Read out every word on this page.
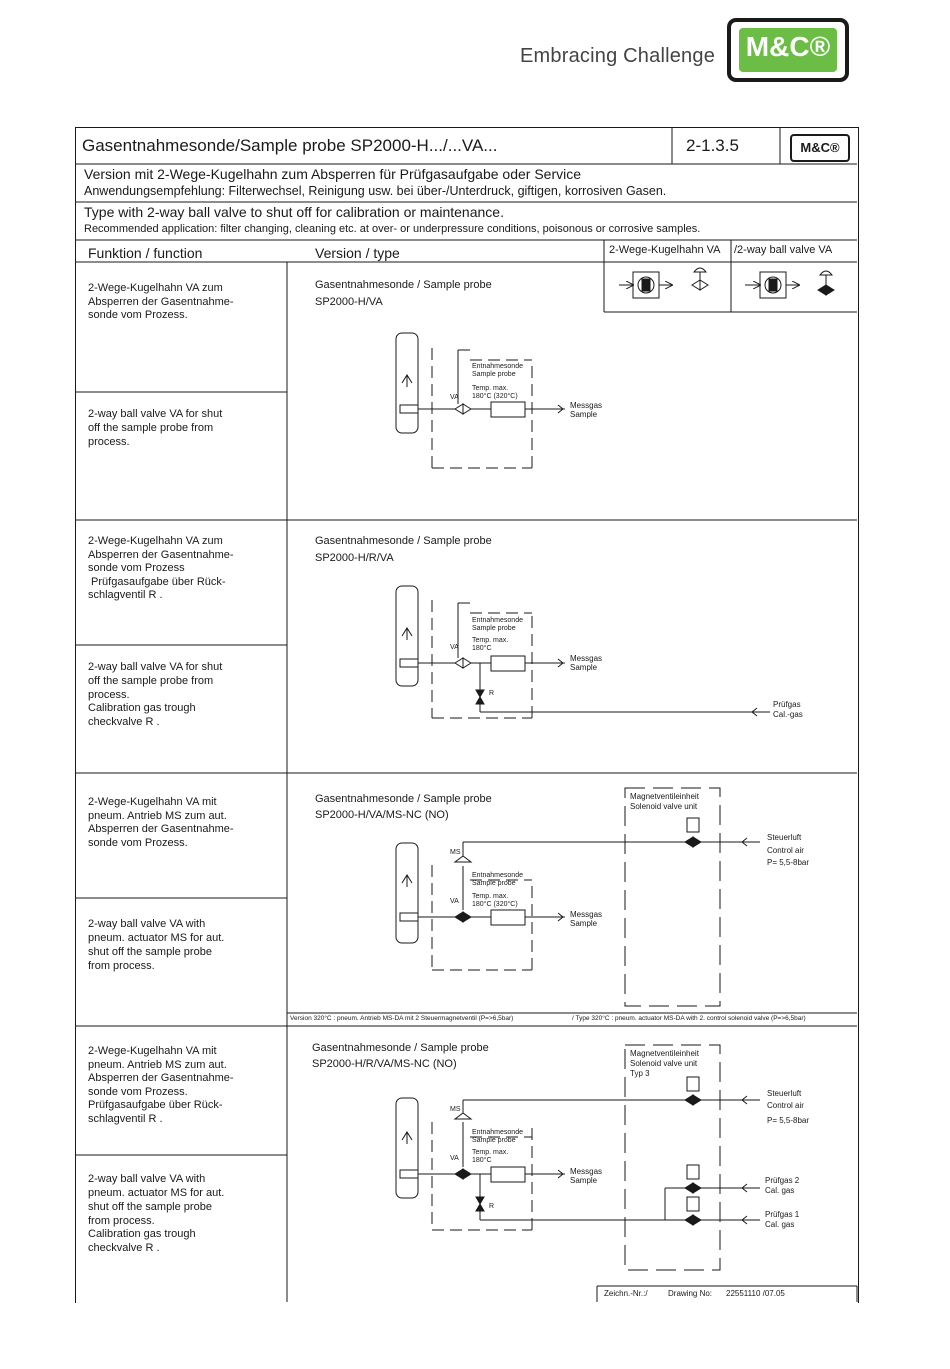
Embracing Challenge M&C®
Gasentnahmesonde/Sample probe SP2000-H.../...VA...	2-1.3.5	M&C®
Version mit 2-Wege-Kugelhahn zum Absperren für Prüfgasaufgabe oder Service
Anwendungsempfehlung: Filterwechsel, Reinigung usw. bei über-/Unterdruck, giftigen, korrosiven Gasen.
Type with 2-way ball valve to shut off for calibration or maintenance.
Recommended application: filter changing, cleaning etc. at over- or underpressure conditions, poisonous or corrosive samples.
Funktion / function	Version / type	2-Wege-Kugelhahn VA /2-way ball valve VA
2-Wege-Kugelhahn VA zum
Absperren der Gasentnahme-
sonde vom Prozess.
2-way ball valve VA for shut
off the sample probe from
process.
Gasentnahmesonde / Sample probe
SP2000-H/VA
Entnahmesonde
Sample probe
Temp. max.
180°C (320°C)
VA
Messgas
Sample
2-Wege-Kugelhahn VA zum
Absperren der Gasentnahme-
sonde vom Prozess
Prüfgasaufgabe über Rück-
schlagventil R .
2-way ball valve VA for shut
off the sample probe from
process.
Calibration gas trough
checkvalve R .
Gasentnahmesonde / Sample probe
SP2000-H/R/VA
Entnahmesonde
Sample probe
Temp. max.
180°C
VA
R
Messgas
Sample
Prüfgas
Cal.-gas
2-Wege-Kugelhahn VA mit
pneum. Antrieb MS zum aut.
Absperren der Gasentnahme-
sonde vom Prozess.
2-way ball valve VA with
pneum. actuator MS for aut.
shut off the sample probe
from process.
Gasentnahmesonde / Sample probe
SP2000-H/VA/MS-NC (NO)
MS
Entnahmesonde
Sample probe
Temp. max.
180°C (320°C)
VA
Messgas
Sample
Magnetventileinheit
Solenoid valve unit
Steuerluft
Control air
P= 5,5-8bar
Version 320°C : pneum. Antrieb MS-DA mit 2 Steuermagnetventil (P=>6,5bar)	/ Type 320°C : pneum. actuator MS-DA with 2. control solenoid valve (P=>6,5bar)
2-Wege-Kugelhahn VA mit
pneum. Antrieb MS zum aut.
Absperren der Gasentnahme-
sonde vom Prozess.
Prüfgasaufgabe über Rück-
schlagventil R .
2-way ball valve VA with
pneum. actuator MS for aut.
shut off the sample probe
from process.
Calibration gas trough
checkvalve R .
Gasentnahmesonde / Sample probe
SP2000-H/R/VA/MS-NC (NO)
MS
Entnahmesonde
Sample probe
Temp. max.
180°C
VA
R
Messgas
Sample
Magnetventileinheit
Solenoid valve unit
Typ 3
Steuerluft
Control air
P= 5,5-8bar
Prüfgas 2
Cal. gas
Prüfgas 1
Cal. gas
Zeichn.-Nr.:/	Drawing No: 22551110 /07.05
